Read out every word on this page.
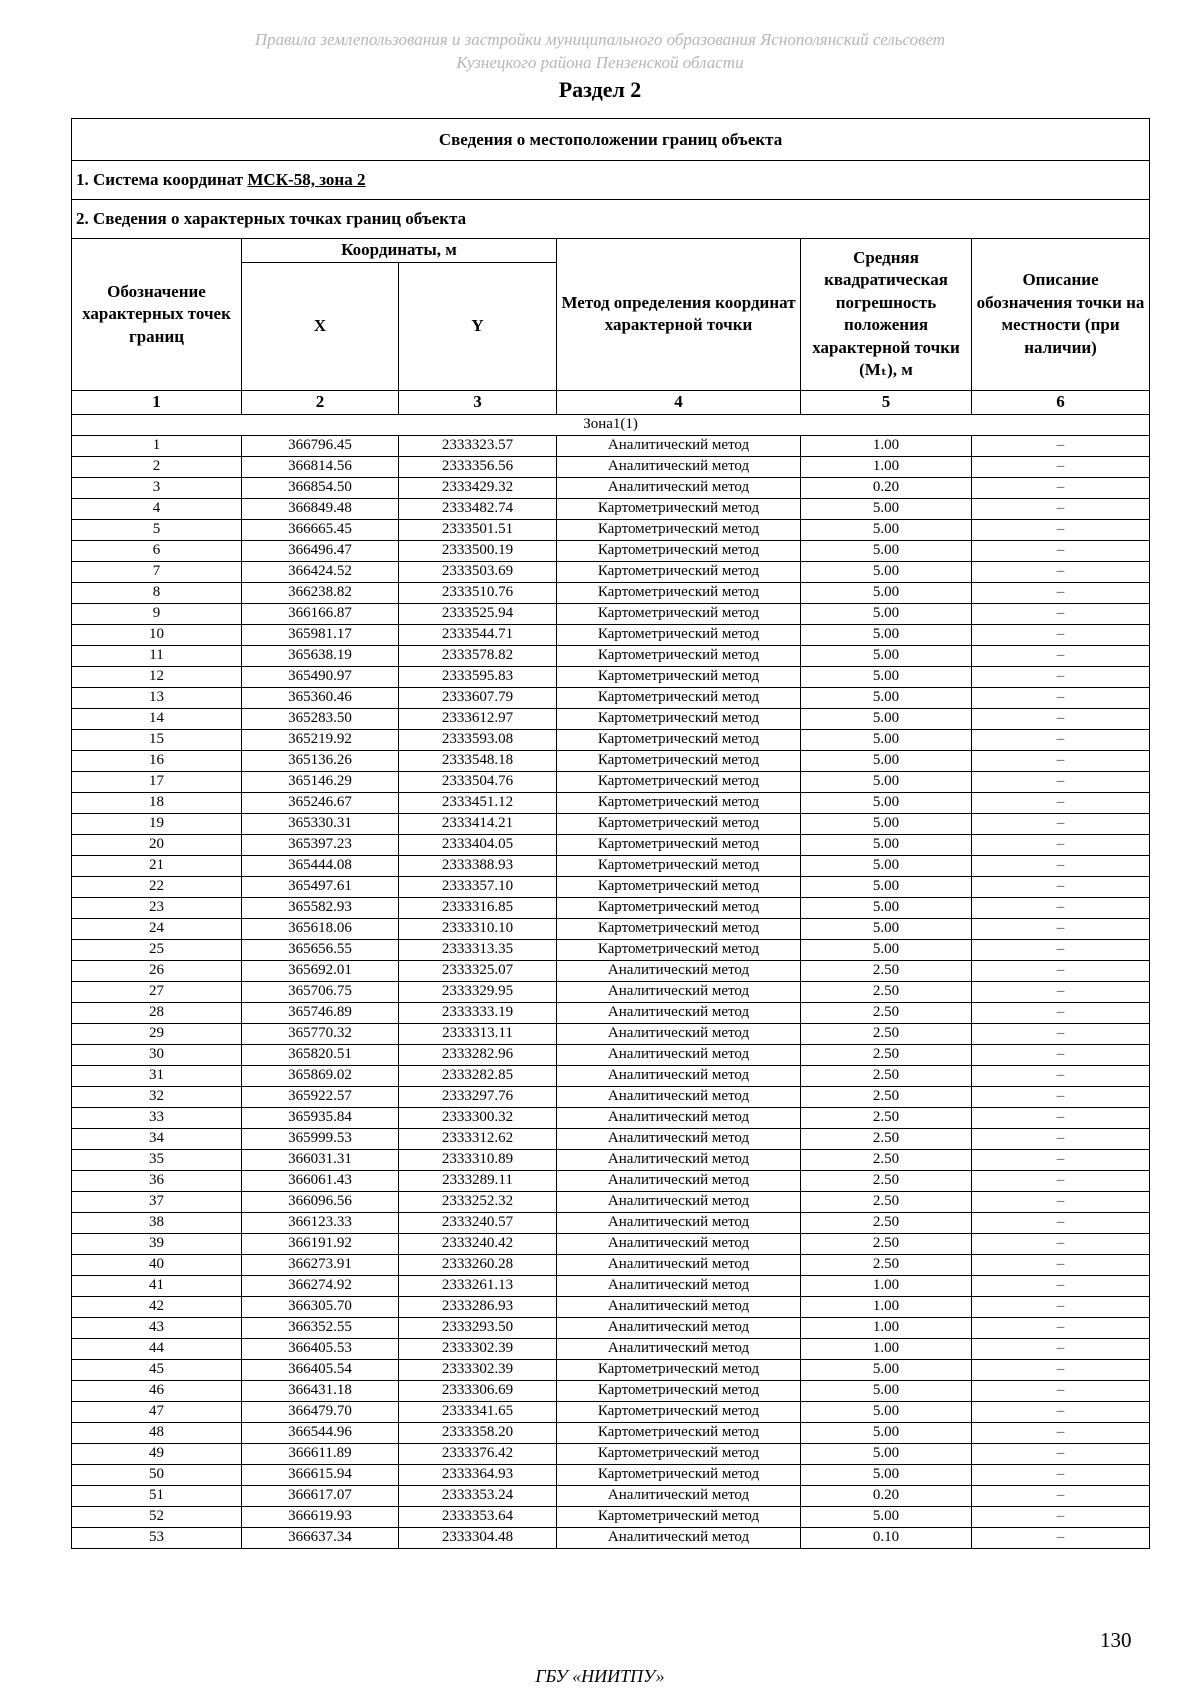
Правила землепользования и застройки муниципального образования Яснополянский сельсовет
Кузнецкого района Пензенской области
Раздел 2
Сведения о местоположении границ объекта					
1. Система координат МСК-58, зона 2					
2. Сведения о характерных точках границ объекта					
Обозначение характерных точек границ	Координаты, м		Метод определения координат характерной точки	Средняя квадратическая погрешность положения характерной точки (Mₜ), м	Описание обозначения точки на местности (при наличии)
	X	Y			
1	2	3	4	5	6
Зона1(1)					
1	366796.45	2333323.57	Аналитический метод	1.00	–
2	366814.56	2333356.56	Аналитический метод	1.00	–
3	366854.50	2333429.32	Аналитический метод	0.20	–
4	366849.48	2333482.74	Картометрический метод	5.00	–
5	366665.45	2333501.51	Картометрический метод	5.00	–
6	366496.47	2333500.19	Картометрический метод	5.00	–
7	366424.52	2333503.69	Картометрический метод	5.00	–
8	366238.82	2333510.76	Картометрический метод	5.00	–
9	366166.87	2333525.94	Картометрический метод	5.00	–
10	365981.17	2333544.71	Картометрический метод	5.00	–
11	365638.19	2333578.82	Картометрический метод	5.00	–
12	365490.97	2333595.83	Картометрический метод	5.00	–
13	365360.46	2333607.79	Картометрический метод	5.00	–
14	365283.50	2333612.97	Картометрический метод	5.00	–
15	365219.92	2333593.08	Картометрический метод	5.00	–
16	365136.26	2333548.18	Картометрический метод	5.00	–
17	365146.29	2333504.76	Картометрический метод	5.00	–
18	365246.67	2333451.12	Картометрический метод	5.00	–
19	365330.31	2333414.21	Картометрический метод	5.00	–
20	365397.23	2333404.05	Картометрический метод	5.00	–
21	365444.08	2333388.93	Картометрический метод	5.00	–
22	365497.61	2333357.10	Картометрический метод	5.00	–
23	365582.93	2333316.85	Картометрический метод	5.00	–
24	365618.06	2333310.10	Картометрический метод	5.00	–
25	365656.55	2333313.35	Картометрический метод	5.00	–
26	365692.01	2333325.07	Аналитический метод	2.50	–
27	365706.75	2333329.95	Аналитический метод	2.50	–
28	365746.89	2333333.19	Аналитический метод	2.50	–
29	365770.32	2333313.11	Аналитический метод	2.50	–
30	365820.51	2333282.96	Аналитический метод	2.50	–
31	365869.02	2333282.85	Аналитический метод	2.50	–
32	365922.57	2333297.76	Аналитический метод	2.50	–
33	365935.84	2333300.32	Аналитический метод	2.50	–
34	365999.53	2333312.62	Аналитический метод	2.50	–
35	366031.31	2333310.89	Аналитический метод	2.50	–
36	366061.43	2333289.11	Аналитический метод	2.50	–
37	366096.56	2333252.32	Аналитический метод	2.50	–
38	366123.33	2333240.57	Аналитический метод	2.50	–
39	366191.92	2333240.42	Аналитический метод	2.50	–
40	366273.91	2333260.28	Аналитический метод	2.50	–
41	366274.92	2333261.13	Аналитический метод	1.00	–
42	366305.70	2333286.93	Аналитический метод	1.00	–
43	366352.55	2333293.50	Аналитический метод	1.00	–
44	366405.53	2333302.39	Аналитический метод	1.00	–
45	366405.54	2333302.39	Картометрический метод	5.00	–
46	366431.18	2333306.69	Картометрический метод	5.00	–
47	366479.70	2333341.65	Картометрический метод	5.00	–
48	366544.96	2333358.20	Картометрический метод	5.00	–
49	366611.89	2333376.42	Картометрический метод	5.00	–
50	366615.94	2333364.93	Картометрический метод	5.00	–
51	366617.07	2333353.24	Аналитический метод	0.20	–
52	366619.93	2333353.64	Картометрический метод	5.00	–
53	366637.34	2333304.48	Аналитический метод	0.10	–
130
ГБУ «НИИТПУ»
